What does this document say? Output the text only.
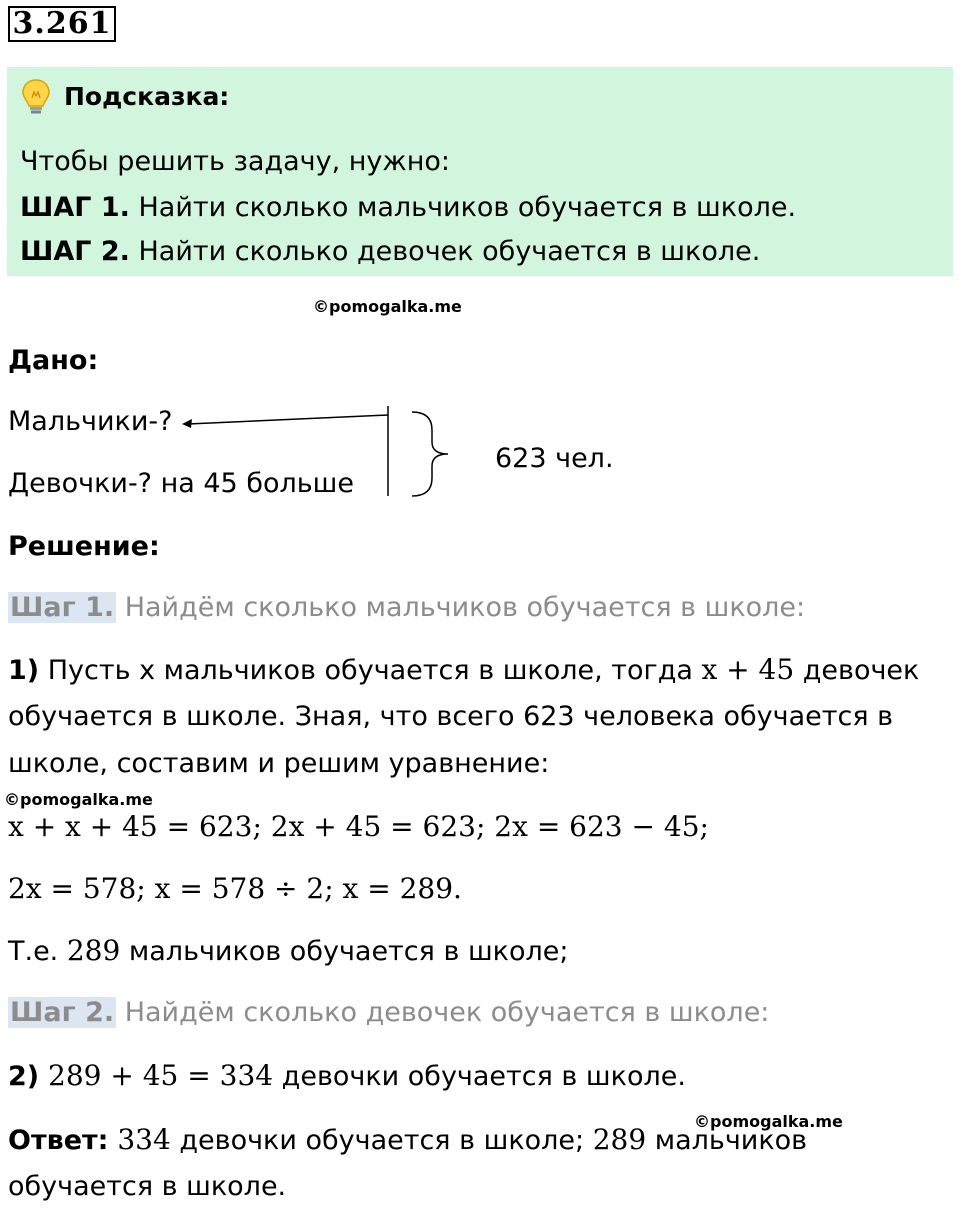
3.261
Подсказка:
Чтобы решить задачу, нужно:
ШАГ 1. Найти сколько мальчиков обучается в школе.
ШАГ 2. Найти сколько девочек обучается в школе.
©pomogalka.me
Дано:
Мальчики-?
Девочки-? на 45 больше
623 чел.
Решение:
Шаг 1. Найдём сколько мальчиков обучается в школе:
1) Пусть х мальчиков обучается в школе, тогда x + 45 девочек
обучается в школе. Зная, что всего 623 человека обучается в
школе, составим и решим уравнение:
©pomogalka.me
x + x + 45 = 623; 2x + 45 = 623; 2x = 623 − 45;
2x = 578; x = 578 ÷ 2; x = 289.
Т.е. 289 мальчиков обучается в школе;
Шаг 2. Найдём сколько девочек обучается в школе:
2) 289 + 45 = 334 девочки обучается в школе.
©pomogalka.me
Ответ: 334 девочки обучается в школе; 289 мальчиков
обучается в школе.
